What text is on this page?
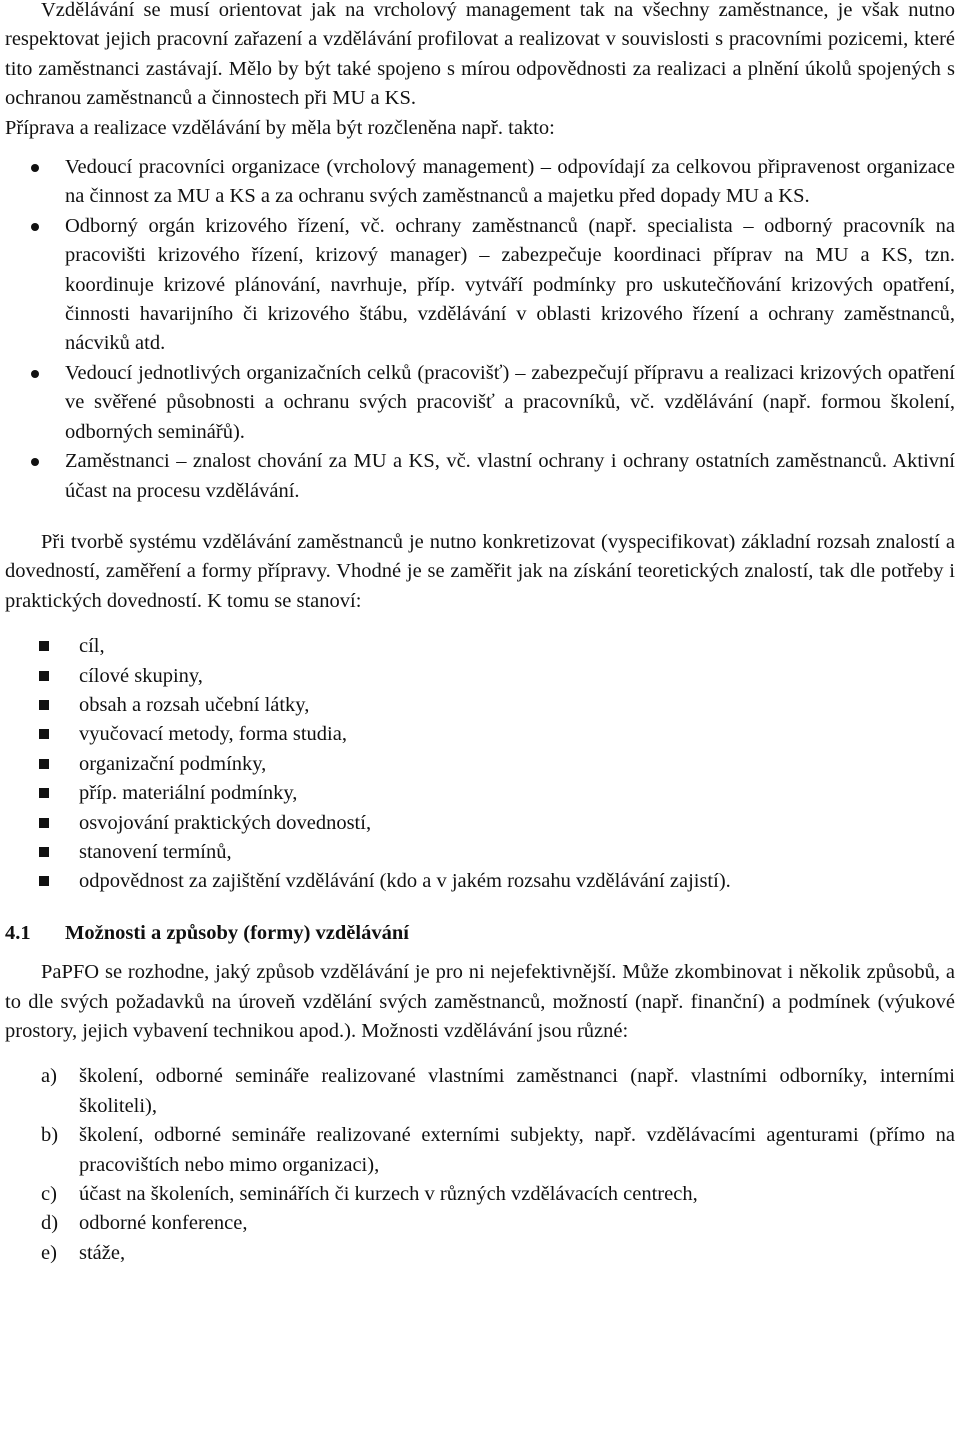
Vzdělávání se musí orientovat jak na vrcholový management tak na všechny zaměstnance, je však nutno respektovat jejich pracovní zařazení a vzdělávání profilovat a realizovat v souvislosti s pracovními pozicemi, které tito zaměstnanci zastávají. Mělo by být také spojeno s mírou odpovědnosti za realizaci a plnění úkolů spojených s ochranou zaměstnanců a činnostech při MU a KS.

Příprava a realizace vzdělávání by měla být rozčleněna např. takto:

Vedoucí pracovníci organizace (vrcholový management) – odpovídají za celkovou připravenost organizace na činnost za MU a KS a za ochranu svých zaměstnanců a majetku před dopady MU a KS.
Odborný orgán krizového řízení, vč. ochrany zaměstnanců (např. specialista – odborný pracovník na pracovišti krizového řízení, krizový manager) – zabezpečuje koordinaci příprav na MU a KS, tzn. koordinuje krizové plánování, navrhuje, příp. vytváří podmínky pro uskutečňování krizových opatření, činnosti havarijního či krizového štábu, vzdělávání v oblasti krizového řízení a ochrany zaměstnanců, nácviků atd.
Vedoucí jednotlivých organizačních celků (pracovišť) – zabezpečují přípravu a realizaci krizových opatření ve svěřené působnosti a ochranu svých pracovišť a pracovníků, vč. vzdělávání (např. formou školení, odborných seminářů).
Zaměstnanci – znalost chování za MU a KS, vč. vlastní ochrany i ochrany ostatních zaměstnanců. Aktivní účast na procesu vzdělávání.

Při tvorbě systému vzdělávání zaměstnanců je nutno konkretizovat (vyspecifikovat) základní rozsah znalostí a dovedností, zaměření a formy přípravy. Vhodné je se zaměřit jak na získání teoretických znalostí, tak dle potřeby i praktických dovedností. K tomu se stanoví:

cíl,
cílové skupiny,
obsah a rozsah učební látky,
vyučovací metody, forma studia,
organizační podmínky,
příp. materiální podmínky,
osvojování praktických dovedností,
stanovení termínů,
odpovědnost za zajištění vzdělávání (kdo a v jakém rozsahu vzdělávání zajistí).
4.1	Možnosti a způsoby (formy) vzdělávání

PaPFO se rozhodne, jaký způsob vzdělávání je pro ni nejefektivnější. Může zkombinovat i několik způsobů, a to dle svých požadavků na úroveň vzdělání svých zaměstnanců, možností (např. finanční) a podmínek (výukové prostory, jejich vybavení technikou apod.). Možnosti vzdělávání jsou různé:

a) školení, odborné semináře realizované vlastními zaměstnanci (např. vlastními odborníky, interními školiteli),
b) školení, odborné semináře realizované externími subjekty, např. vzdělávacími agenturami (přímo na pracovištích nebo mimo organizaci),
c) účast na školeních, seminářích či kurzech v různých vzdělávacích centrech,
d) odborné konference,
e) stáže,
